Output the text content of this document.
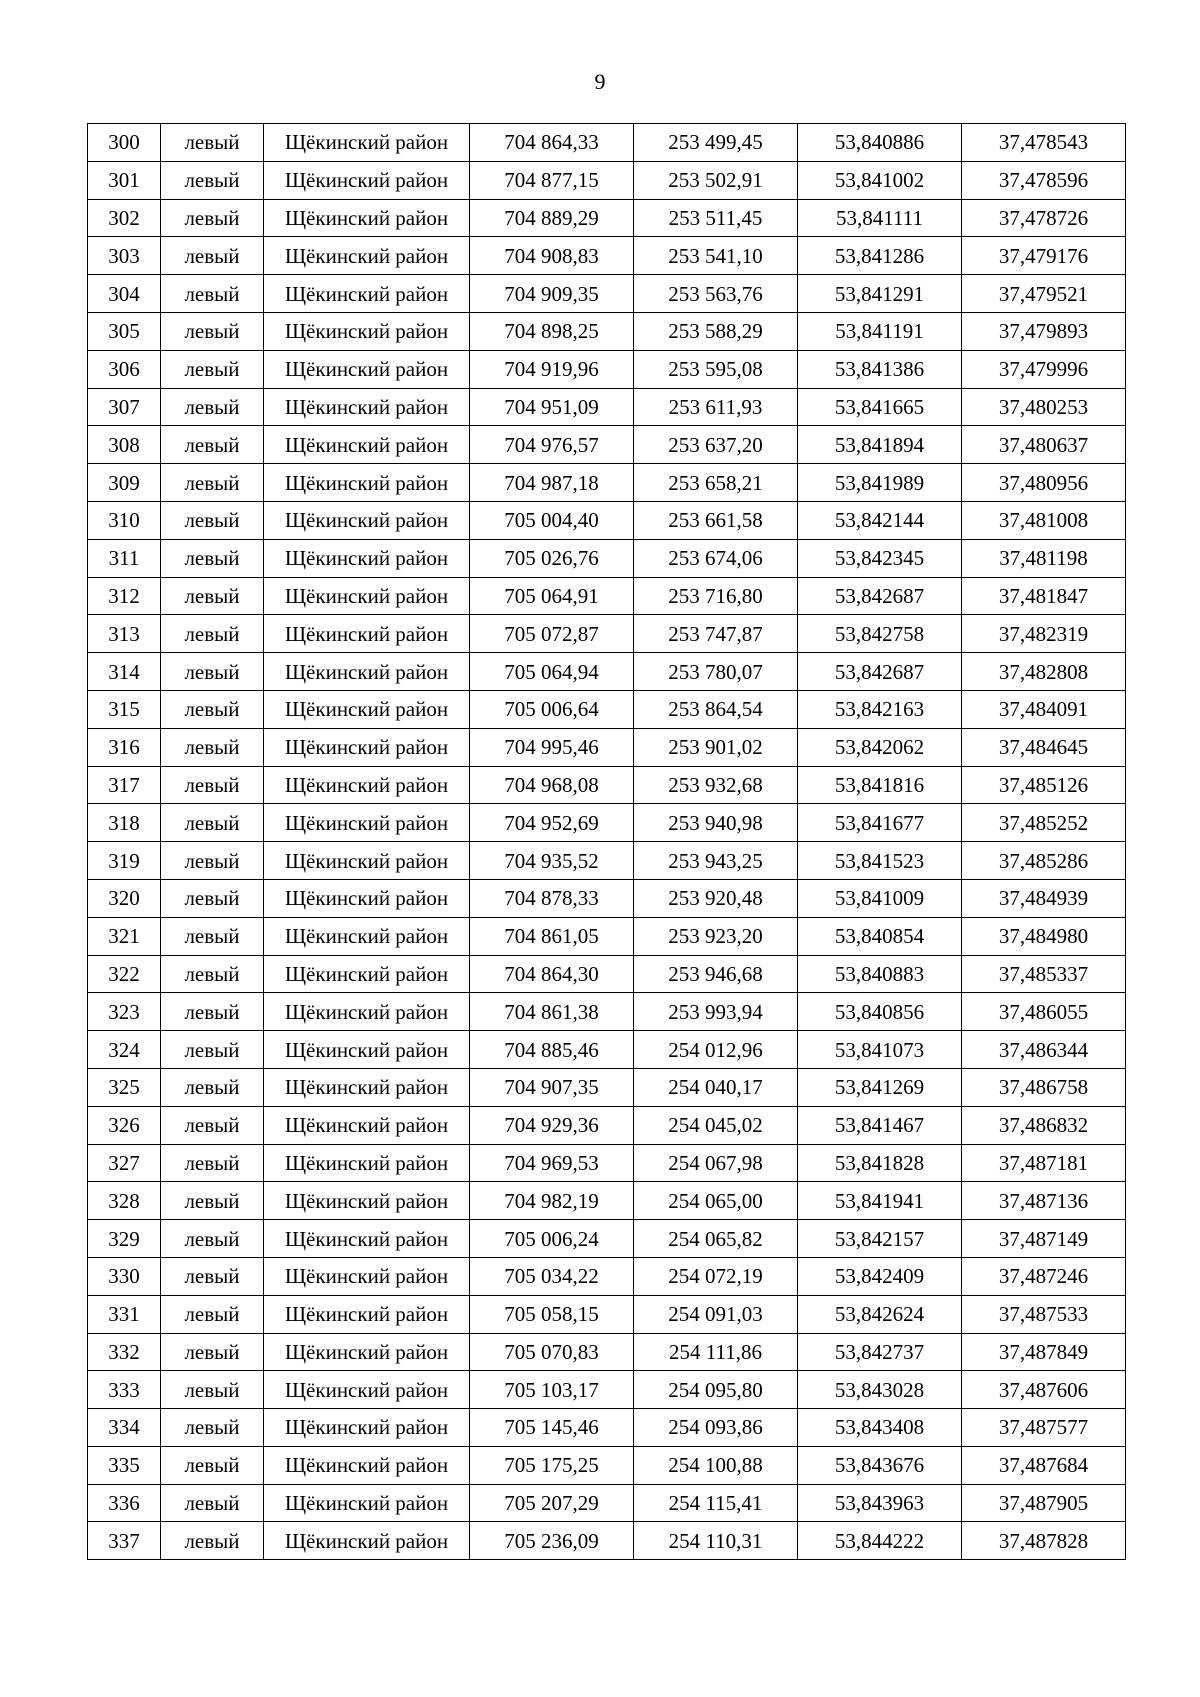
9
300	левый	Щёкинский район	704 864,33	253 499,45	53,840886	37,478543
301	левый	Щёкинский район	704 877,15	253 502,91	53,841002	37,478596
302	левый	Щёкинский район	704 889,29	253 511,45	53,841111	37,478726
303	левый	Щёкинский район	704 908,83	253 541,10	53,841286	37,479176
304	левый	Щёкинский район	704 909,35	253 563,76	53,841291	37,479521
305	левый	Щёкинский район	704 898,25	253 588,29	53,841191	37,479893
306	левый	Щёкинский район	704 919,96	253 595,08	53,841386	37,479996
307	левый	Щёкинский район	704 951,09	253 611,93	53,841665	37,480253
308	левый	Щёкинский район	704 976,57	253 637,20	53,841894	37,480637
309	левый	Щёкинский район	704 987,18	253 658,21	53,841989	37,480956
310	левый	Щёкинский район	705 004,40	253 661,58	53,842144	37,481008
311	левый	Щёкинский район	705 026,76	253 674,06	53,842345	37,481198
312	левый	Щёкинский район	705 064,91	253 716,80	53,842687	37,481847
313	левый	Щёкинский район	705 072,87	253 747,87	53,842758	37,482319
314	левый	Щёкинский район	705 064,94	253 780,07	53,842687	37,482808
315	левый	Щёкинский район	705 006,64	253 864,54	53,842163	37,484091
316	левый	Щёкинский район	704 995,46	253 901,02	53,842062	37,484645
317	левый	Щёкинский район	704 968,08	253 932,68	53,841816	37,485126
318	левый	Щёкинский район	704 952,69	253 940,98	53,841677	37,485252
319	левый	Щёкинский район	704 935,52	253 943,25	53,841523	37,485286
320	левый	Щёкинский район	704 878,33	253 920,48	53,841009	37,484939
321	левый	Щёкинский район	704 861,05	253 923,20	53,840854	37,484980
322	левый	Щёкинский район	704 864,30	253 946,68	53,840883	37,485337
323	левый	Щёкинский район	704 861,38	253 993,94	53,840856	37,486055
324	левый	Щёкинский район	704 885,46	254 012,96	53,841073	37,486344
325	левый	Щёкинский район	704 907,35	254 040,17	53,841269	37,486758
326	левый	Щёкинский район	704 929,36	254 045,02	53,841467	37,486832
327	левый	Щёкинский район	704 969,53	254 067,98	53,841828	37,487181
328	левый	Щёкинский район	704 982,19	254 065,00	53,841941	37,487136
329	левый	Щёкинский район	705 006,24	254 065,82	53,842157	37,487149
330	левый	Щёкинский район	705 034,22	254 072,19	53,842409	37,487246
331	левый	Щёкинский район	705 058,15	254 091,03	53,842624	37,487533
332	левый	Щёкинский район	705 070,83	254 111,86	53,842737	37,487849
333	левый	Щёкинский район	705 103,17	254 095,80	53,843028	37,487606
334	левый	Щёкинский район	705 145,46	254 093,86	53,843408	37,487577
335	левый	Щёкинский район	705 175,25	254 100,88	53,843676	37,487684
336	левый	Щёкинский район	705 207,29	254 115,41	53,843963	37,487905
337	левый	Щёкинский район	705 236,09	254 110,31	53,844222	37,487828
